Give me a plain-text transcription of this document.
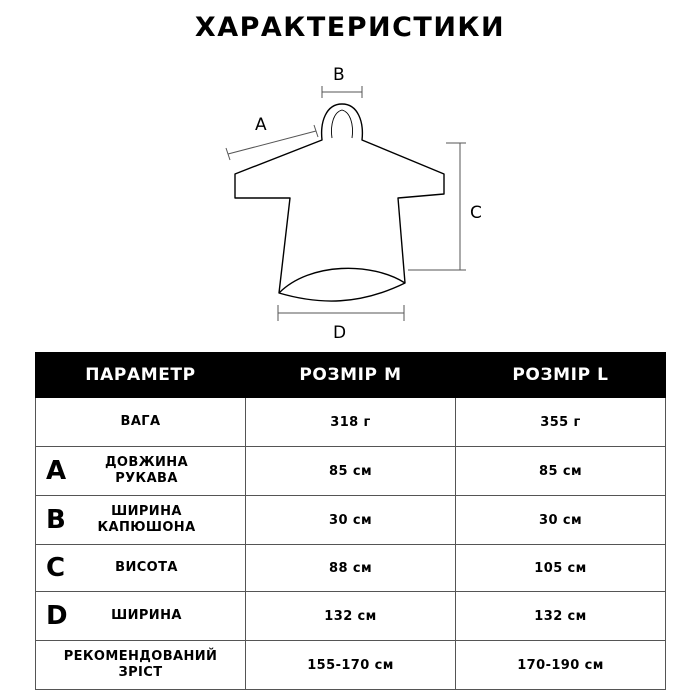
ХАРАКТЕРИСТИКИ
A
B
C
D
ПАРАМЕТР	РОЗМІР M	РОЗМІР L
ВАГА	318 г	355 г

A ДОВЖИНА
РУКАВА	85 см	85 см

B ШИРИНА
КАПЮШОНА	30 см	30 см

C ВИСОТА	88 см	105 см

D ШИРИНА	132 см	132 см
РЕКОМЕНДОВАНИЙ
ЗРІСТ	155-170 см	170-190 см
